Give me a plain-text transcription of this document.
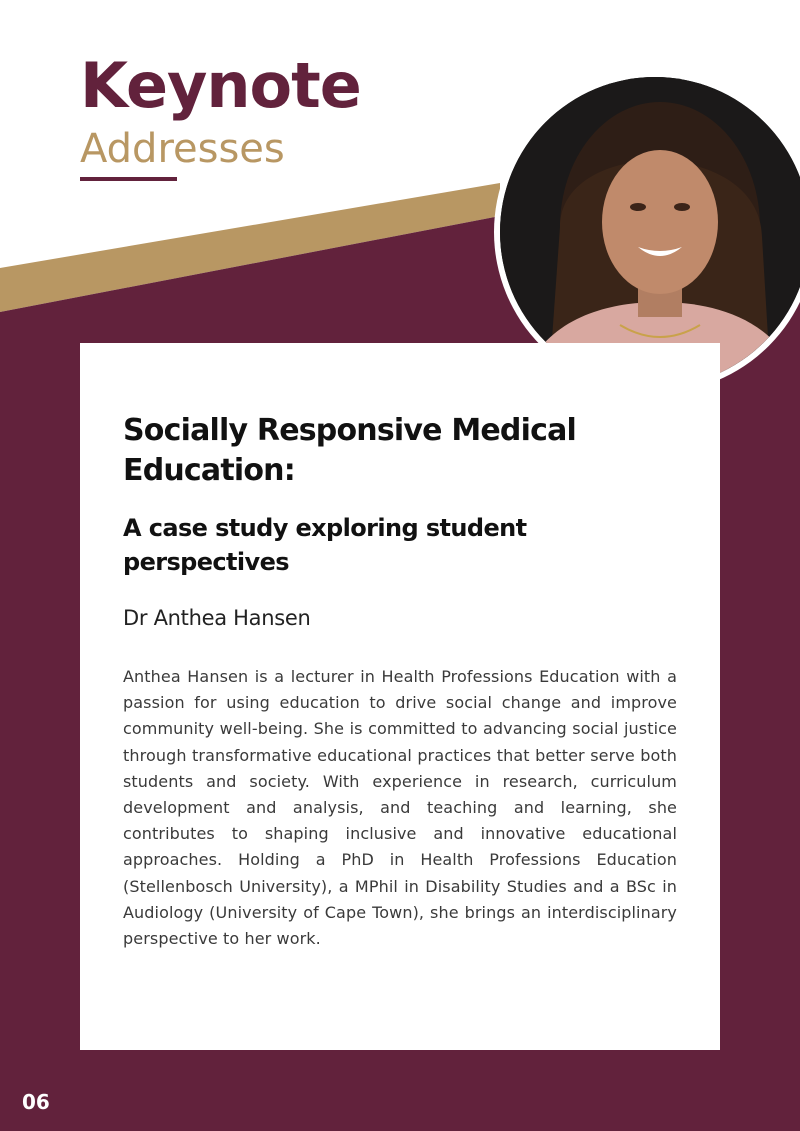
Keynote
Addresses
Socially Responsive Medical Education:
A case study exploring student perspectives

Dr Anthea Hansen

Anthea Hansen is a lecturer in Health Professions Education with a passion for using education to drive social change and improve community well-being. She is committed to advancing social justice through transformative educational practices that better serve both students and society. With experience in research, curriculum development and analysis, and teaching and learning, she contributes to shaping inclusive and innovative educational approaches. Holding a PhD in Health Professions Education (Stellenbosch University), a MPhil in Disability Studies and a BSc in Audiology (University of Cape Town), she brings an interdisciplinary perspective to her work.

06
